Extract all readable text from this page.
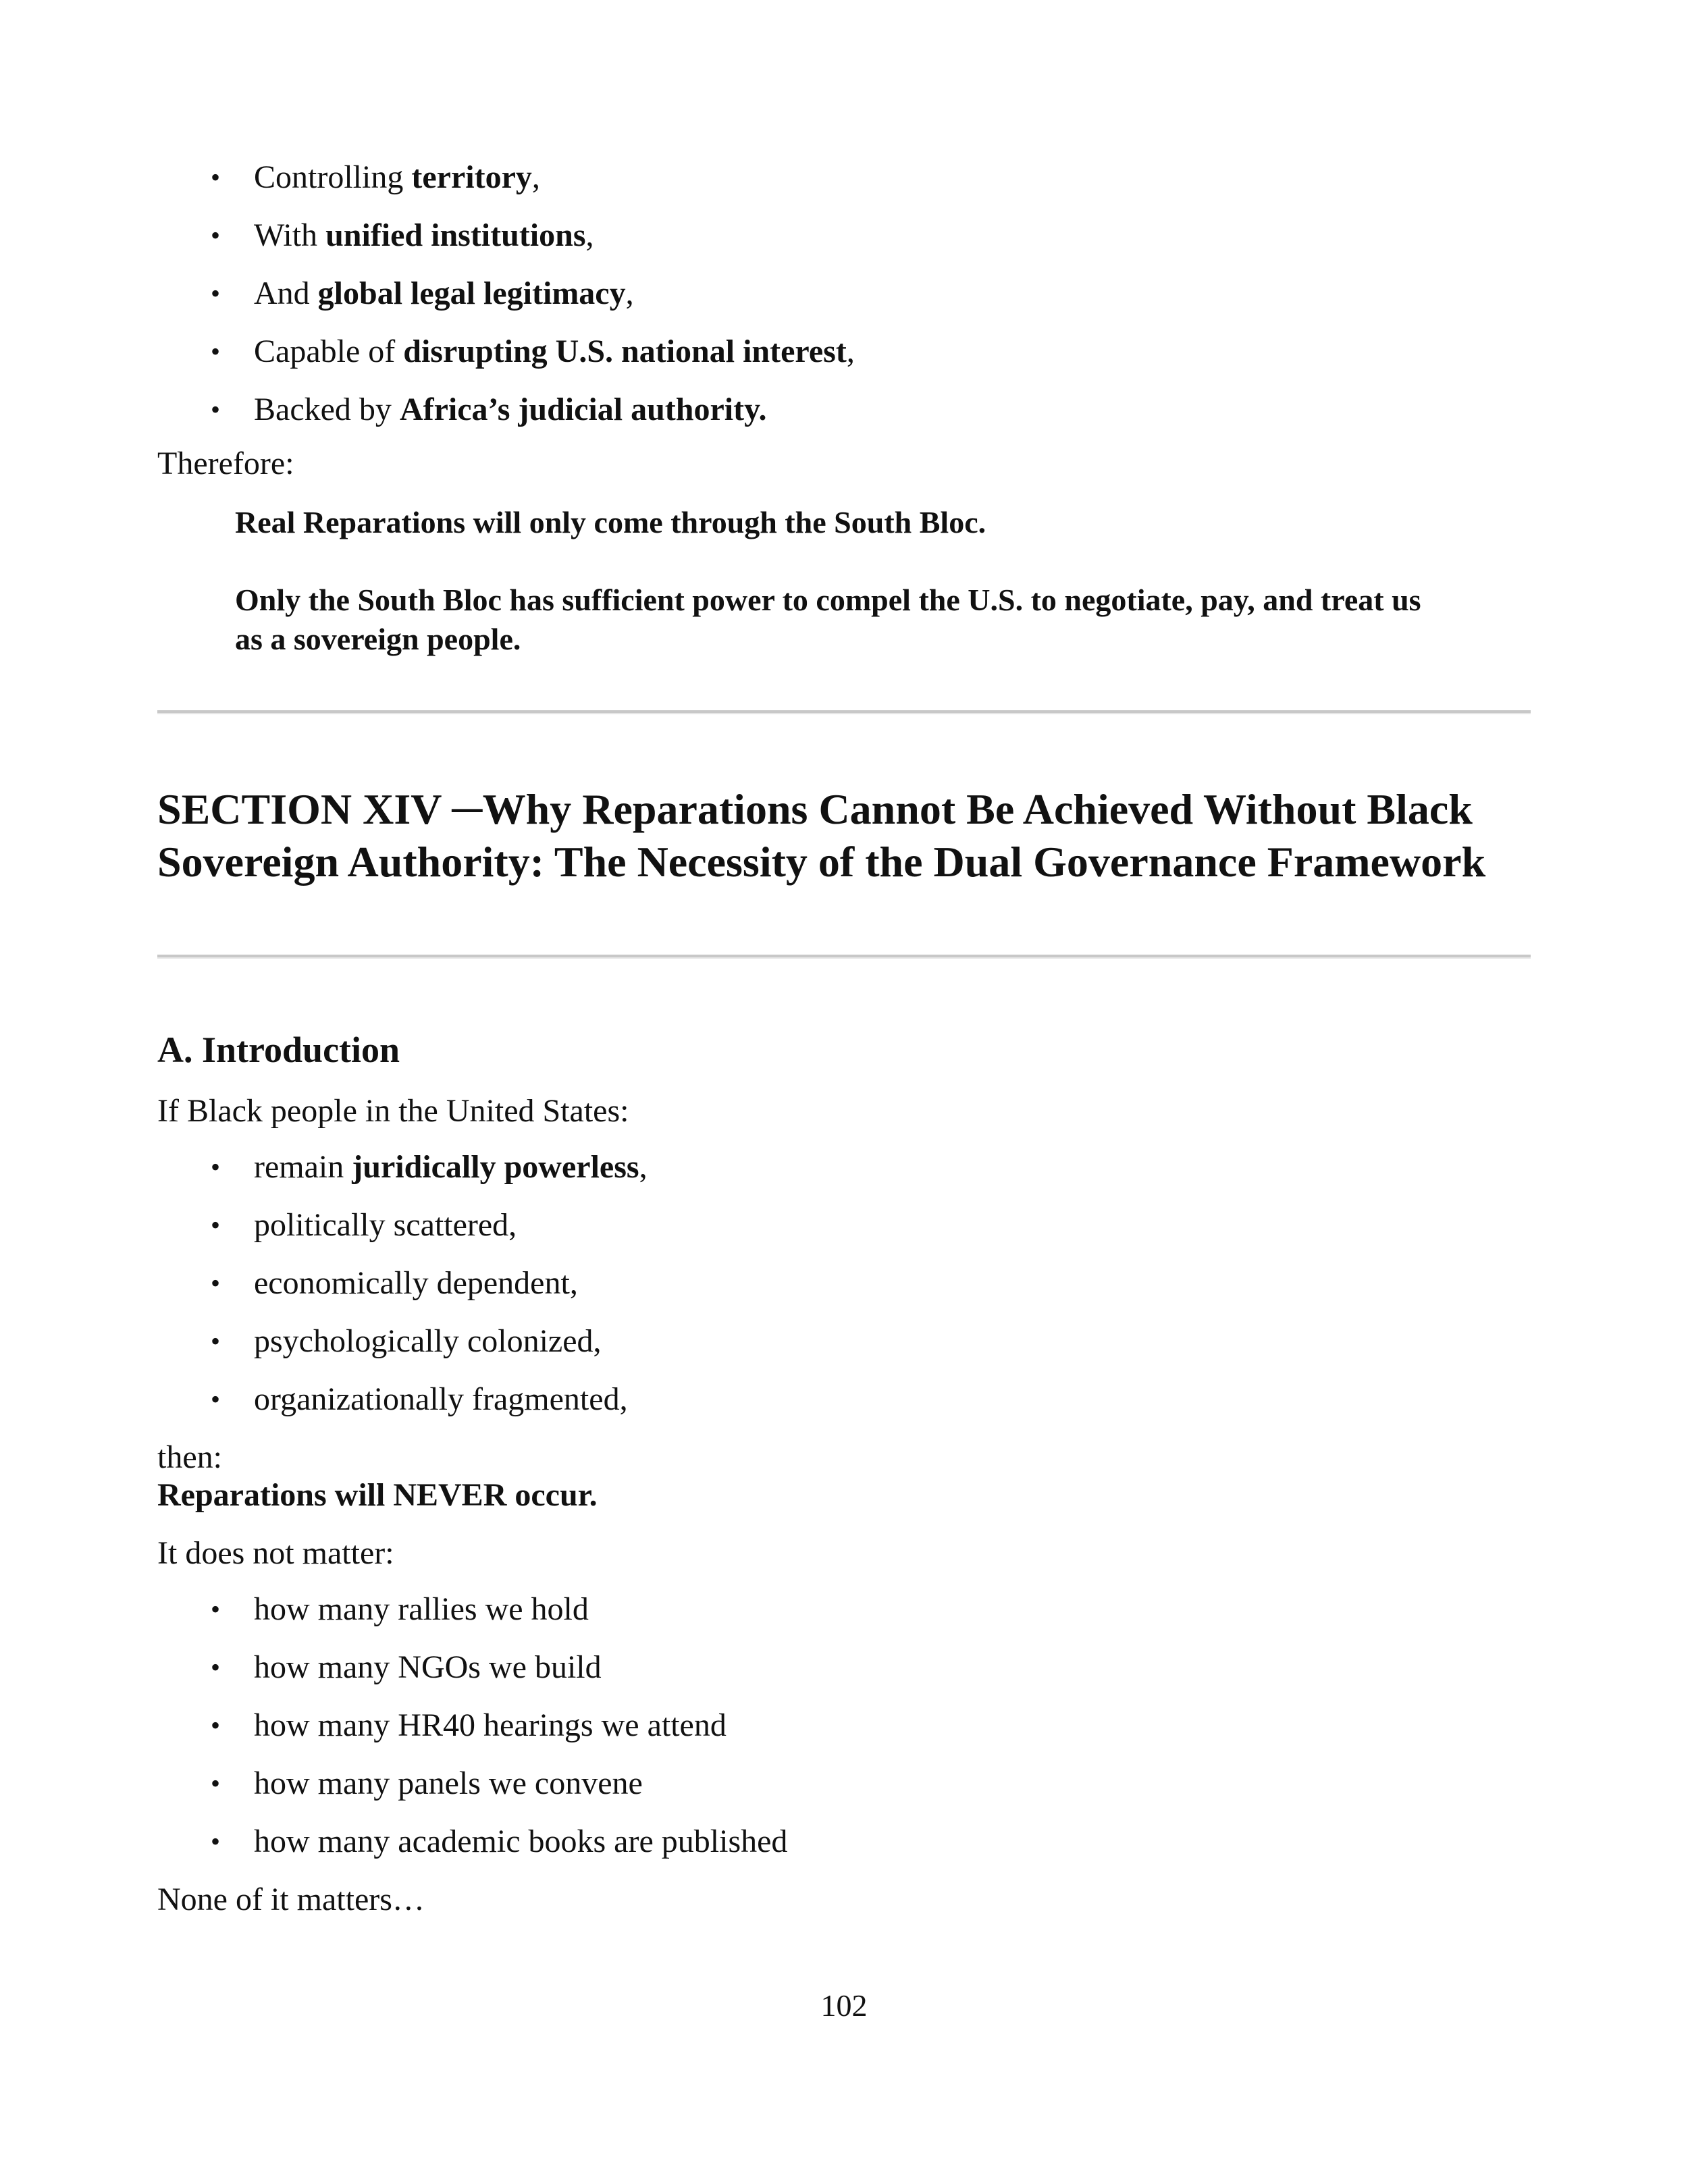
• Controlling territory,
• With unified institutions,
• And global legal legitimacy,
• Capable of disrupting U.S. national interest,
• Backed by Africa’s judicial authority.
Therefore:
Real Reparations will only come through the South Bloc.
Only the South Bloc has sufficient power to compel the U.S. to negotiate, pay, and treat us as a sovereign people.
SECTION XIV ─Why Reparations Cannot Be Achieved Without Black Sovereign Authority: The Necessity of the Dual Governance Framework
A. Introduction
If Black people in the United States:
• remain juridically powerless,
• politically scattered,
• economically dependent,
• psychologically colonized,
• organizationally fragmented,
then:
Reparations will NEVER occur.
It does not matter:
• how many rallies we hold
• how many NGOs we build
• how many HR40 hearings we attend
• how many panels we convene
• how many academic books are published
None of it matters…
102
